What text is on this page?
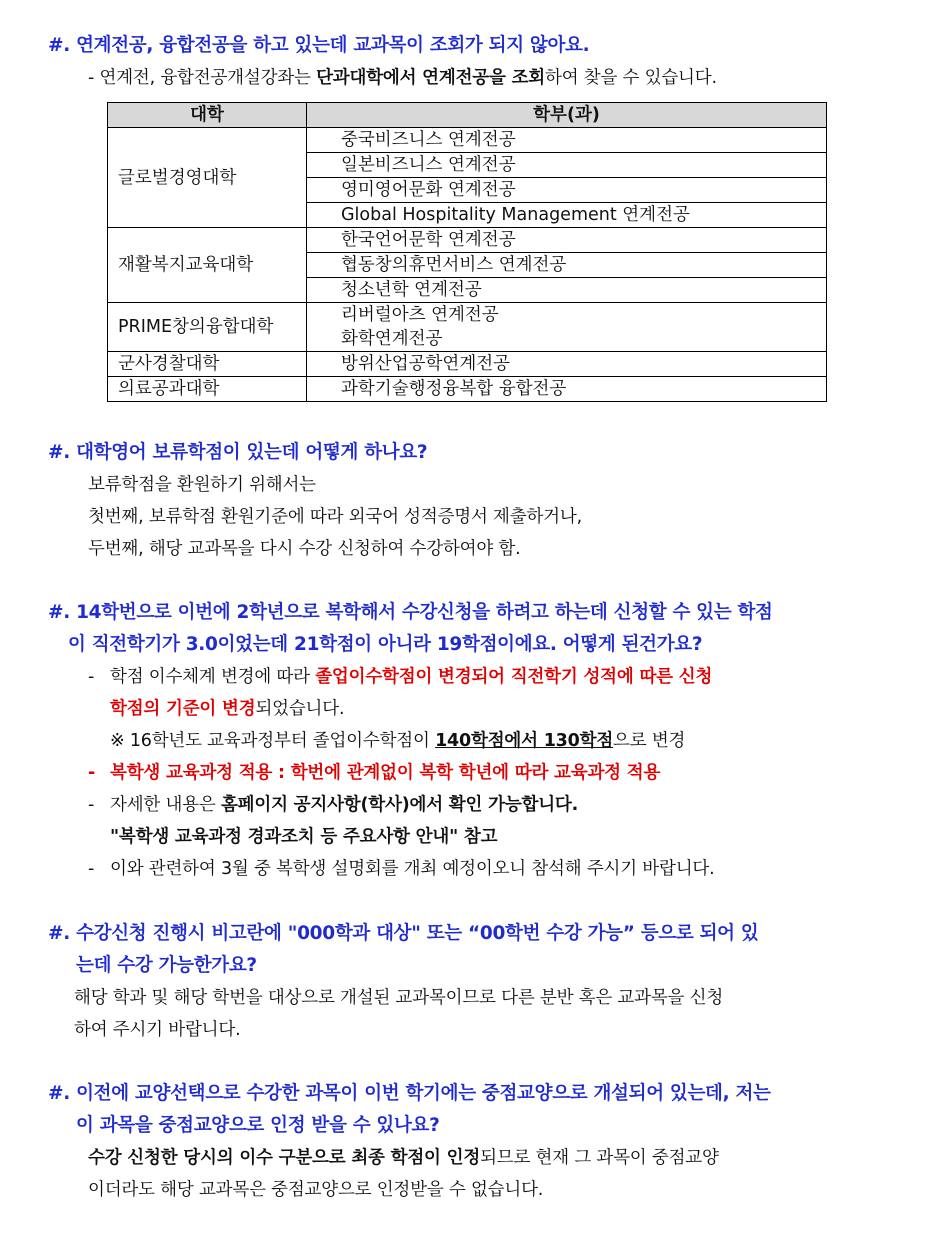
#. 연계전공, 융합전공을 하고 있는데 교과목이 조회가 되지 않아요.
- 연계전, 융합전공개설강좌는 단과대학에서 연계전공을 조회하여 찾을 수 있습니다.
대학	학부(과)
글로벌경영대학	중국비즈니스 연계전공
	일본비즈니스 연계전공
	영미영어문화 연계전공
	Global Hospitality Management 연계전공
재활복지교육대학	한국언어문학 연계전공
	협동창의휴먼서비스 연계전공
	청소년학 연계전공
PRIME창의융합대학	리버럴아츠 연계전공
	화학연계전공
군사경찰대학	방위산업공학연계전공
의료공과대학	과학기술행정융복합 융합전공
#. 대학영어 보류학점이 있는데 어떻게 하나요?
보류학점을 환원하기 위해서는
첫번째, 보류학점 환원기준에 따라 외국어 성적증명서 제출하거나,
두번째, 해당 교과목을 다시 수강 신청하여 수강하여야 함.
#. 14학번으로 이번에 2학년으로 복학해서 수강신청을 하려고 하는데 신청할 수 있는 학점
이 직전학기가 3.0이었는데 21학점이 아니라 19학점이에요. 어떻게 된건가요?
- 학점 이수체계 변경에 따라 졸업이수학점이 변경되어 직전학기 성적에 따른 신청
학점의 기준이 변경되었습니다.
※ 16학년도 교육과정부터 졸업이수학점이 140학점에서 130학점으로 변경
- 복학생 교육과정 적용 : 학번에 관계없이 복학 학년에 따라 교육과정 적용
- 자세한 내용은 홈페이지 공지사항(학사)에서 확인 가능합니다.
"복학생 교육과정 경과조치 등 주요사항 안내" 참고
- 이와 관련하여 3월 중 복학생 설명회를 개최 예정이오니 참석해 주시기 바랍니다.
#. 수강신청 진행시 비고란에 "000학과 대상" 또는 “00학번 수강 가능” 등으로 되어 있
는데 수강 가능한가요?
해당 학과 및 해당 학번을 대상으로 개설된 교과목이므로 다른 분반 혹은 교과목을 신청
하여 주시기 바랍니다.
#. 이전에 교양선택으로 수강한 과목이 이번 학기에는 중점교양으로 개설되어 있는데, 저는
이 과목을 중점교양으로 인정 받을 수 있나요?
수강 신청한 당시의 이수 구분으로 최종 학점이 인정되므로 현재 그 과목이 중점교양
이더라도 해당 교과목은 중점교양으로 인정받을 수 없습니다.
